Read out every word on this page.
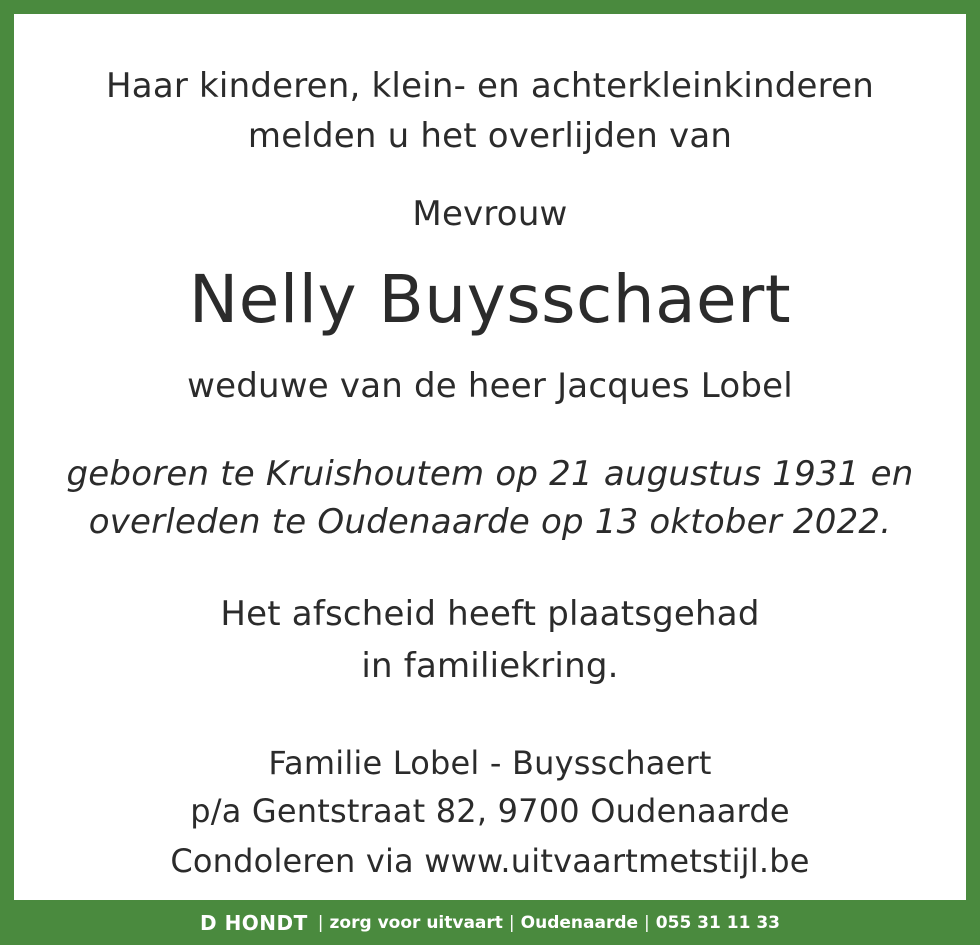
Haar kinderen, klein- en achterkleinkinderen
melden u het overlijden van
Mevrouw
Nelly Buysschaert
weduwe van de heer Jacques Lobel
geboren te Kruishoutem op 21 augustus 1931 en
overleden te Oudenaarde op 13 oktober 2022.
Het afscheid heeft plaatsgehad
in familiekring.
Familie Lobel - Buysschaert
p/a Gentstraat 82, 9700 Oudenaarde
Condoleren via www.uitvaartmetstijl.be
D HONDT | zorg voor uitvaart | Oudenaarde | 055 31 11 33
